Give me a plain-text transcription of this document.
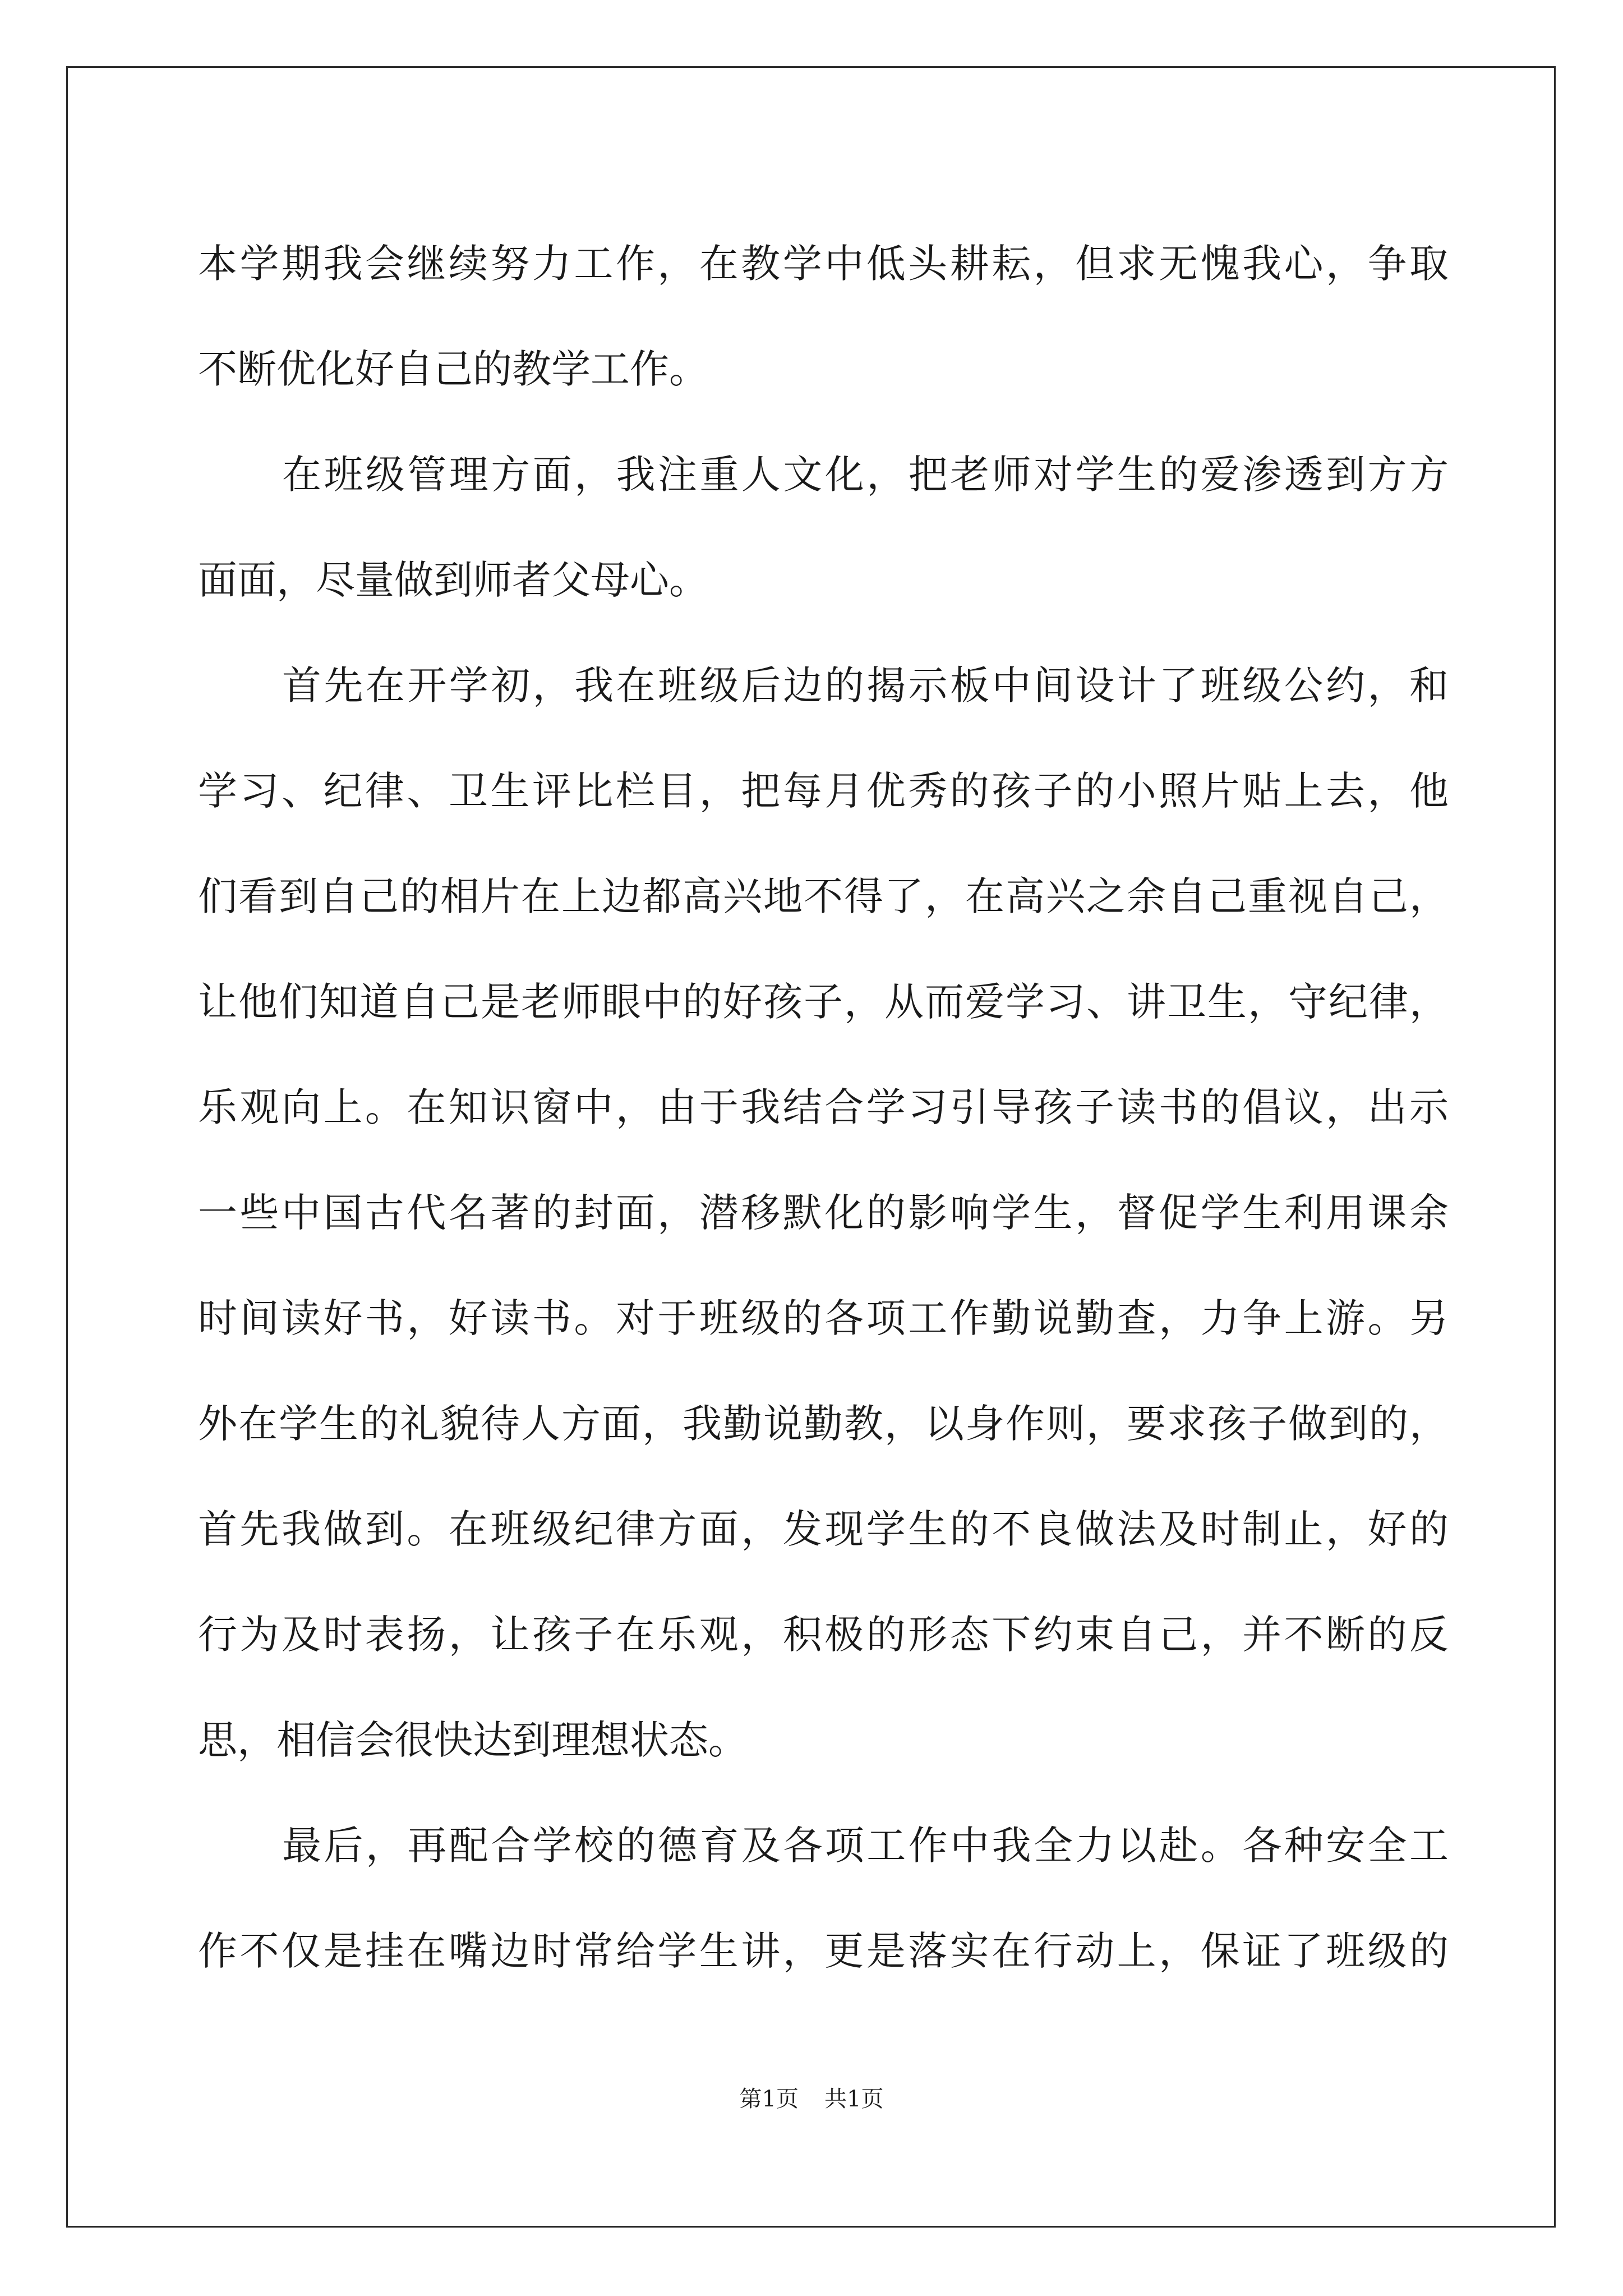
本学期我会继续努力工作，在教学中低头耕耘，但求无愧我心，争取
不断优化好自己的教学工作。
在班级管理方面，我注重人文化，把老师对学生的爱渗透到方方
面面，尽量做到师者父母心。
首先在开学初，我在班级后边的揭示板中间设计了班级公约，和
学习、纪律、卫生评比栏目，把每月优秀的孩子的小照片贴上去，他
们看到自己的相片在上边都高兴地不得了，在高兴之余自己重视自己，
让他们知道自己是老师眼中的好孩子，从而爱学习、讲卫生，守纪律，
乐观向上。在知识窗中，由于我结合学习引导孩子读书的倡议，出示
一些中国古代名著的封面，潜移默化的影响学生，督促学生利用课余
时间读好书，好读书。对于班级的各项工作勤说勤查，力争上游。另
外在学生的礼貌待人方面，我勤说勤教，以身作则，要求孩子做到的，
首先我做到。在班级纪律方面，发现学生的不良做法及时制止，好的
行为及时表扬，让孩子在乐观，积极的形态下约束自己，并不断的反
思，相信会很快达到理想状态。
最后，再配合学校的德育及各项工作中我全力以赴。各种安全工
作不仅是挂在嘴边时常给学生讲，更是落实在行动上，保证了班级的
第1页 共1页
